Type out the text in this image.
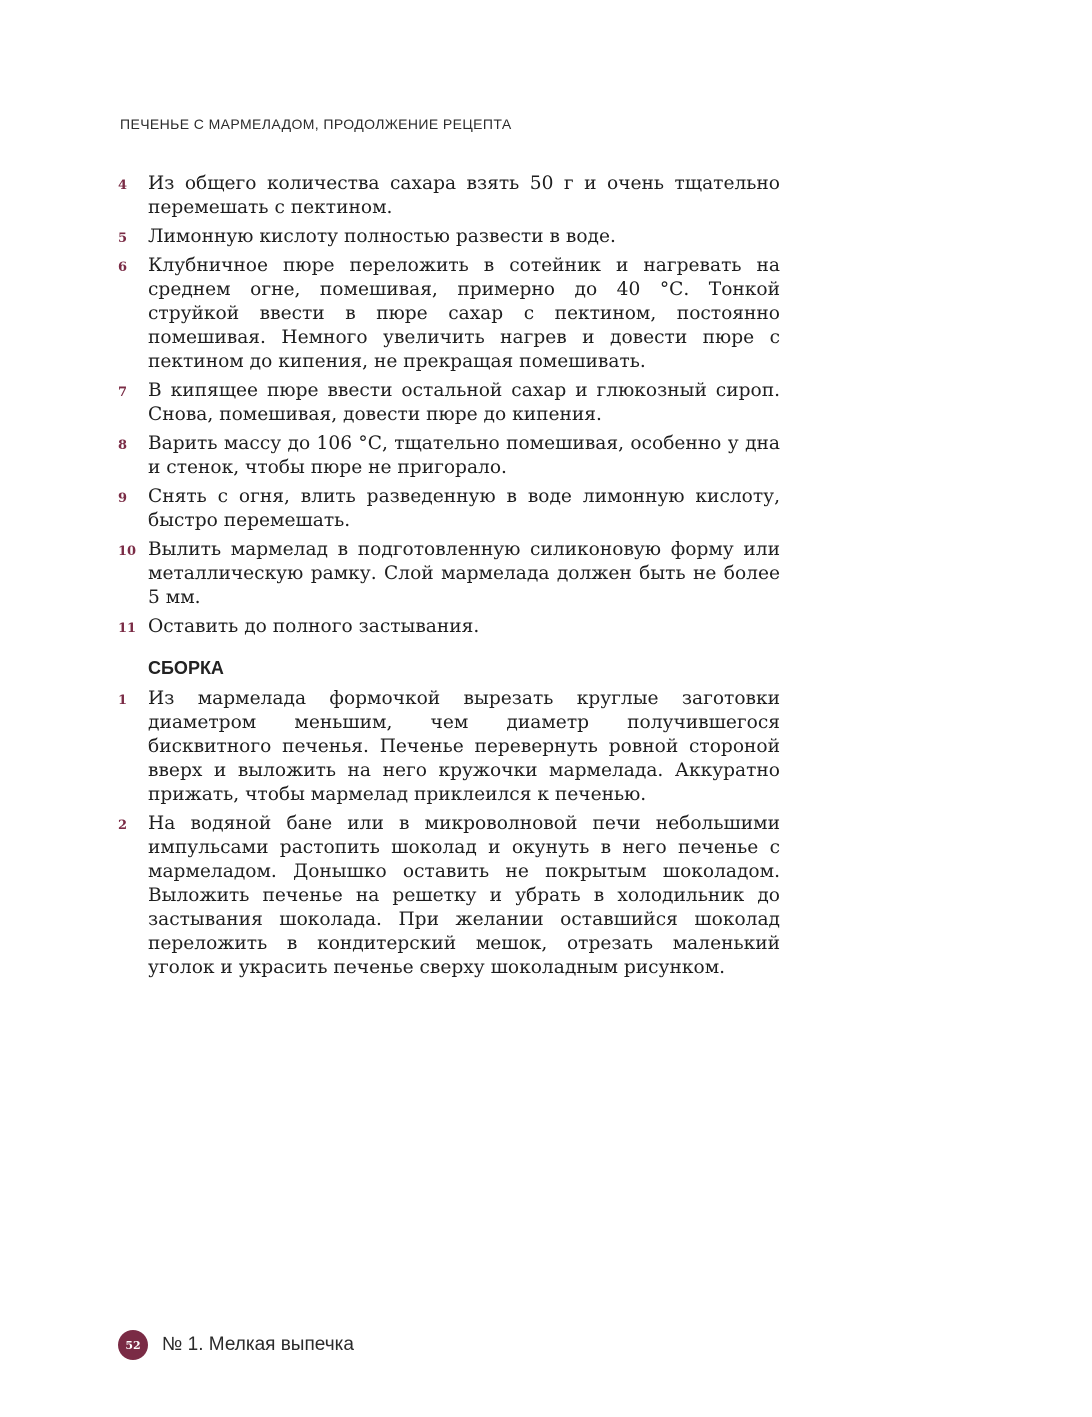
ПЕЧЕНЬЕ С МАРМЕЛАДОМ, ПРОДОЛЖЕНИЕ РЕЦЕПТА
4 Из общего количества сахара взять 50 г и очень тщательно перемешать с пектином.
5 Лимонную кислоту полностью развести в воде.
6 Клубничное пюре переложить в сотейник и нагревать на среднем огне, помешивая, примерно до 40 °С. Тонкой струйкой ввести в пюре сахар с пектином, постоянно помешивая. Немного увеличить нагрев и довести пюре с пектином до кипения, не прекращая помешивать.
7 В кипящее пюре ввести остальной сахар и глюкозный сироп. Снова, помешивая, довести пюре до кипения.
8 Варить массу до 106 °С, тщательно помешивая, особенно у дна и стенок, чтобы пюре не пригорало.
9 Снять с огня, влить разведенную в воде лимонную кислоту, быстро перемешать.
10 Вылить мармелад в подготовленную силиконовую форму или металлическую рамку. Слой мармелада должен быть не более 5 мм.
11 Оставить до полного застывания.
СБОРКА
1 Из мармелада формочкой вырезать круглые заготовки диаметром меньшим, чем диаметр получившегося бисквитного печенья. Печенье перевернуть ровной стороной вверх и выложить на него кружочки мармелада. Аккуратно прижать, чтобы мармелад приклеился к печенью.
2 На водяной бане или в микроволновой печи небольшими импульсами растопить шоколад и окунуть в него печенье с мармеладом. Донышко оставить не покрытым шоколадом. Выложить печенье на решетку и убрать в холодильник до застывания шоколада. При желании оставшийся шоколад переложить в кондитерский мешок, отрезать маленький уголок и украсить печенье сверху шоколадным рисунком.
52 № 1. Мелкая выпечка
